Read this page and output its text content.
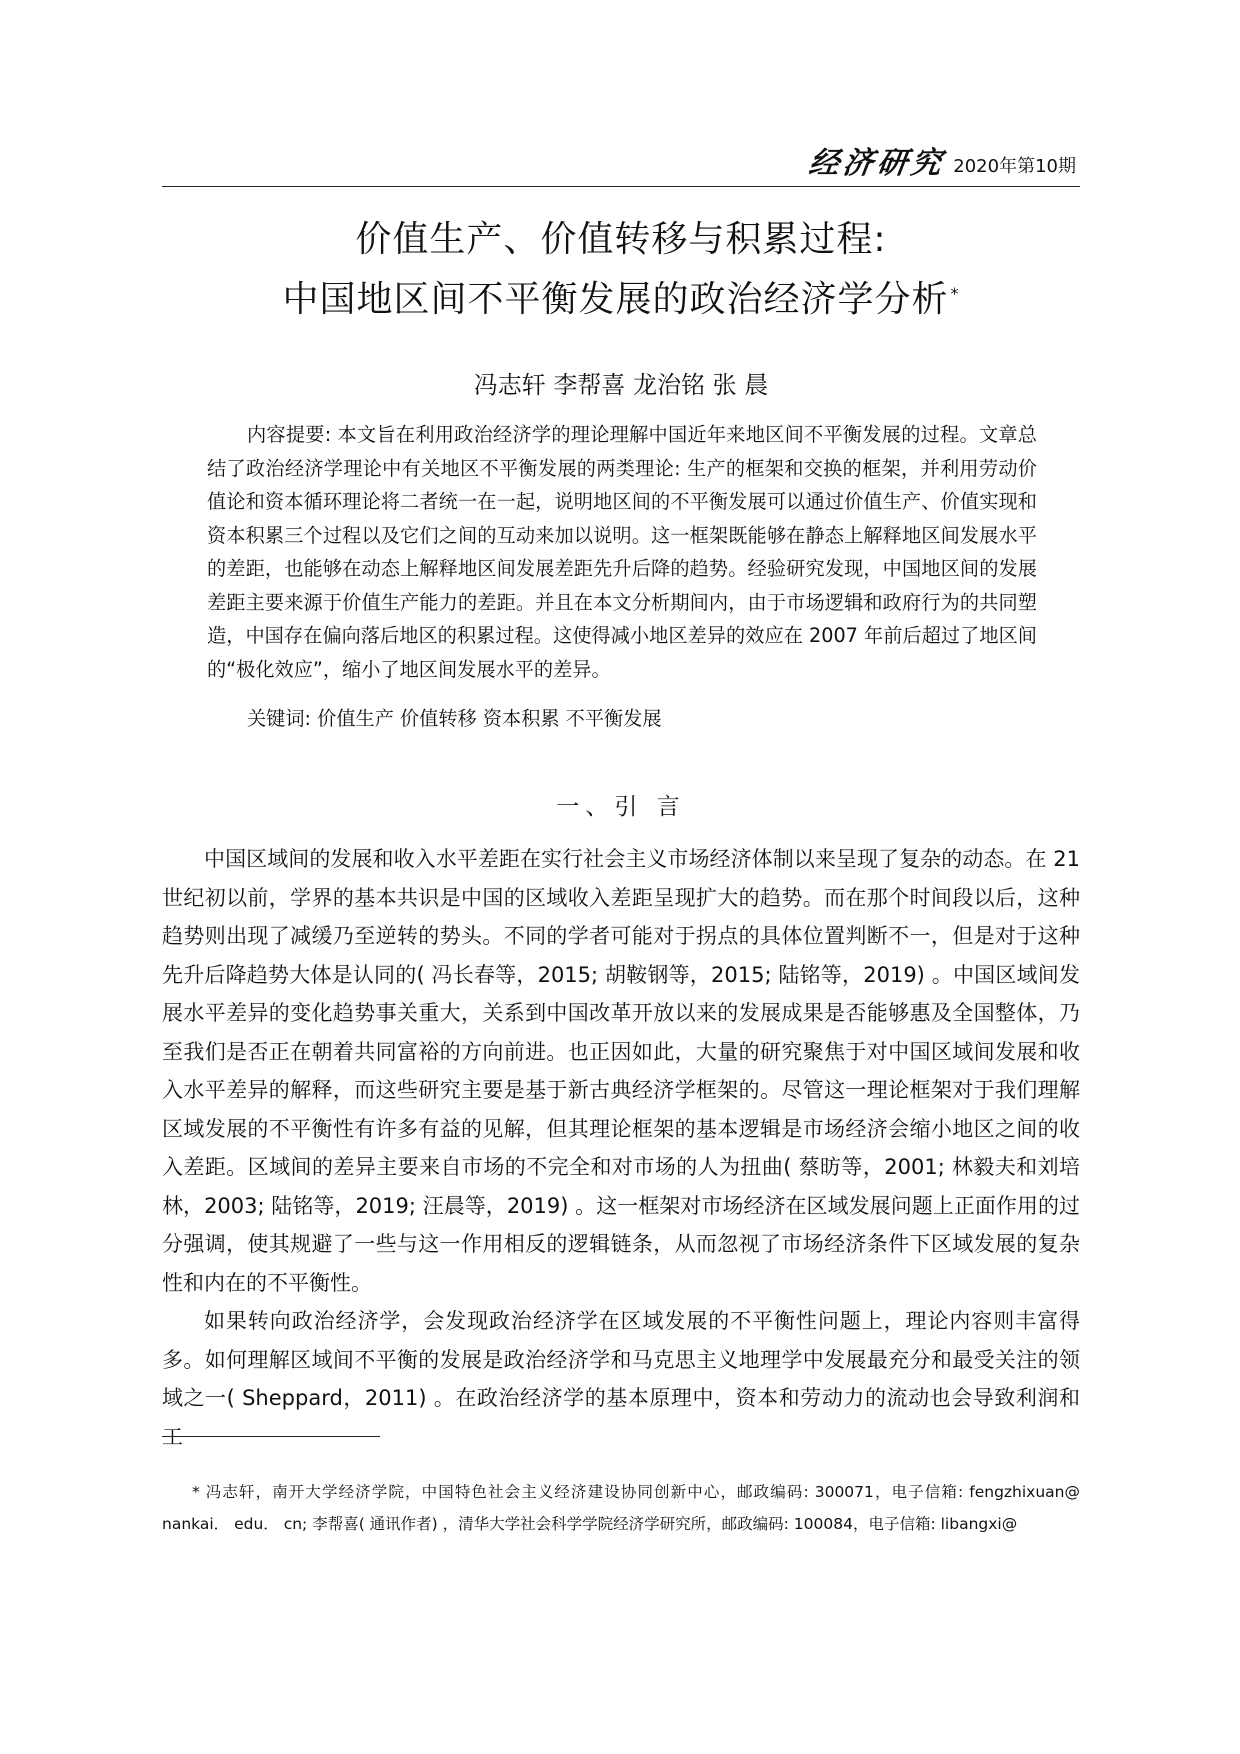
经济研究 2020年第10期
价值生产、价值转移与积累过程:
中国地区间不平衡发展的政治经济学分析 *
冯志轩 李帮喜 龙治铭 张 晨

内容提要: 本文旨在利用政治经济学的理论理解中国近年来地区间不平衡发展的过程。文章总结了政治经济学理论中有关地区不平衡发展的两类理论: 生产的框架和交换的框架，并利用劳动价值论和资本循环理论将二者统一在一起，说明地区间的不平衡发展可以通过价值生产、价值实现和资本积累三个过程以及它们之间的互动来加以说明。这一框架既能够在静态上解释地区间发展水平的差距，也能够在动态上解释地区间发展差距先升后降的趋势。经验研究发现，中国地区间的发展差距主要来源于价值生产能力的差距。并且在本文分析期间内，由于市场逻辑和政府行为的共同塑造，中国存在偏向落后地区的积累过程。这使得减小地区差异的效应在 2007 年前后超过了地区间的“极化效应”，缩小了地区间发展水平的差异。

关键词: 价值生产 价值转移 资本积累 不平衡发展
一、引 言

中国区域间的发展和收入水平差距在实行社会主义市场经济体制以来呈现了复杂的动态。在 21 世纪初以前，学界的基本共识是中国的区域收入差距呈现扩大的趋势。而在那个时间段以后，这种趋势则出现了减缓乃至逆转的势头。不同的学者可能对于拐点的具体位置判断不一，但是对于这种先升后降趋势大体是认同的( 冯长春等，2015; 胡鞍钢等，2015; 陆铭等，2019) 。中国区域间发展水平差异的变化趋势事关重大，关系到中国改革开放以来的发展成果是否能够惠及全国整体，乃至我们是否正在朝着共同富裕的方向前进。也正因如此，大量的研究聚焦于对中国区域间发展和收入水平差异的解释，而这些研究主要是基于新古典经济学框架的。尽管这一理论框架对于我们理解区域发展的不平衡性有许多有益的见解，但其理论框架的基本逻辑是市场经济会缩小地区之间的收入差距。区域间的差异主要来自市场的不完全和对市场的人为扭曲( 蔡昉等，2001; 林毅夫和刘培林，2003; 陆铭等，2019; 汪晨等，2019) 。这一框架对市场经济在区域发展问题上正面作用的过分强调，使其规避了一些与这一作用相反的逻辑链条，从而忽视了市场经济条件下区域发展的复杂性和内在的不平衡性。

如果转向政治经济学，会发现政治经济学在区域发展的不平衡性问题上，理论内容则丰富得多。如何理解区域间不平衡的发展是政治经济学和马克思主义地理学中发展最充分和最受关注的领域之一( Sheppard，2011) 。在政治经济学的基本原理中，资本和劳动力的流动也会导致利润和工

* 冯志轩，南开大学经济学院，中国特色社会主义经济建设协同创新中心，邮政编码: 300071，电子信箱: fengzhixuan@ nankai． edu． cn; 李帮喜( 通讯作者) ，清华大学社会科学学院经济学研究所，邮政编码: 100084，电子信箱: libangxi@
